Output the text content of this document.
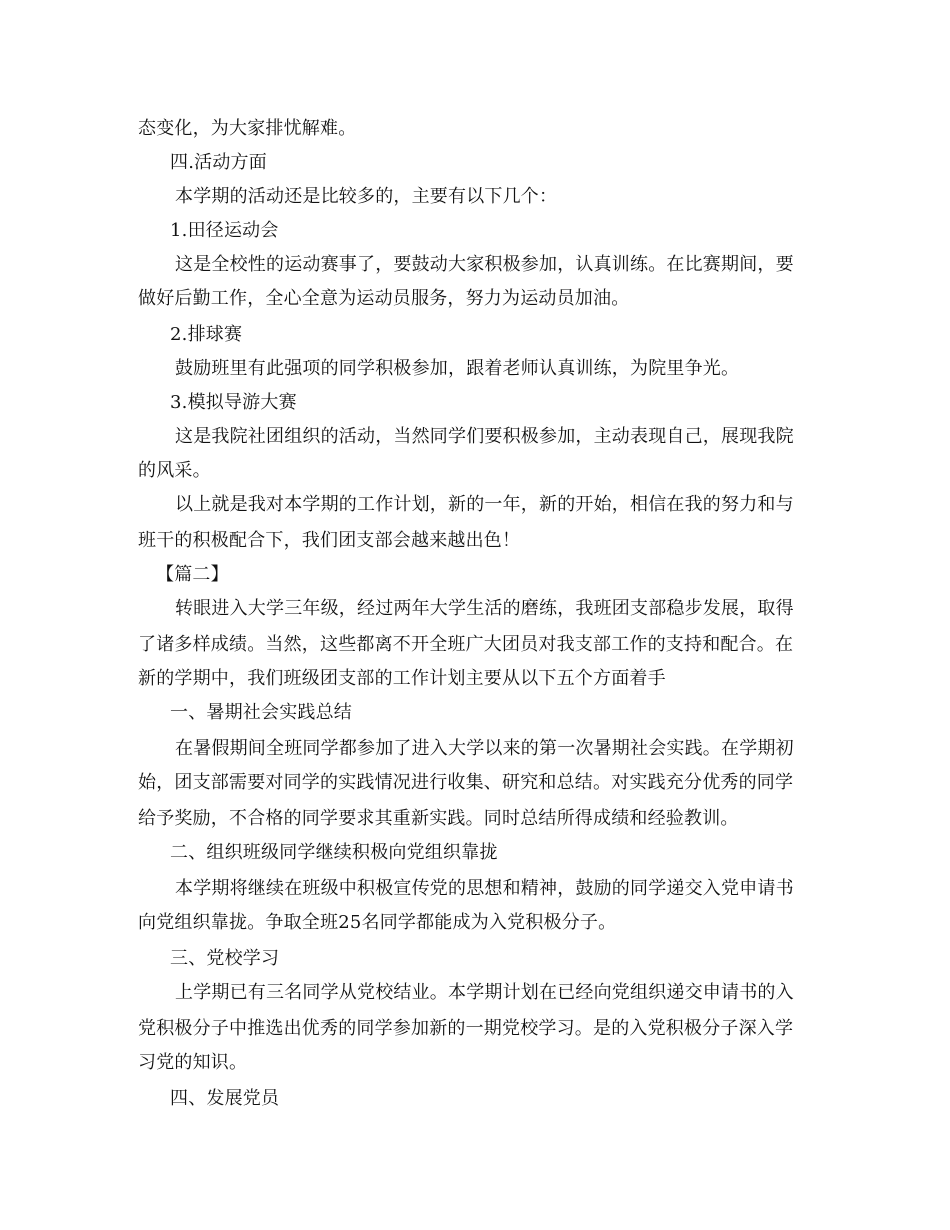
态变化，为大家排忧解难。
四.活动方面
本学期的活动还是比较多的，主要有以下几个：
1.田径运动会
这是全校性的运动赛事了，要鼓动大家积极参加，认真训练。在比赛期间，要
做好后勤工作，全心全意为运动员服务，努力为运动员加油。
2.排球赛
鼓励班里有此强项的同学积极参加，跟着老师认真训练，为院里争光。
3.模拟导游大赛
这是我院社团组织的活动，当然同学们要积极参加，主动表现自己，展现我院
的风采。
以上就是我对本学期的工作计划，新的一年，新的开始，相信在我的努力和与
班干的积极配合下，我们团支部会越来越出色！
【篇二】
转眼进入大学三年级，经过两年大学生活的磨练，我班团支部稳步发展，取得
了诸多样成绩。当然，这些都离不开全班广大团员对我支部工作的支持和配合。在
新的学期中，我们班级团支部的工作计划主要从以下五个方面着手
一、暑期社会实践总结
在暑假期间全班同学都参加了进入大学以来的第一次暑期社会实践。在学期初
始，团支部需要对同学的实践情况进行收集、研究和总结。对实践充分优秀的同学
给予奖励，不合格的同学要求其重新实践。同时总结所得成绩和经验教训。
二、组织班级同学继续积极向党组织靠拢
本学期将继续在班级中积极宣传党的思想和精神，鼓励的同学递交入党申请书
向党组织靠拢。争取全班25名同学都能成为入党积极分子。
三、党校学习
上学期已有三名同学从党校结业。本学期计划在已经向党组织递交申请书的入
党积极分子中推选出优秀的同学参加新的一期党校学习。是的入党积极分子深入学
习党的知识。
四、发展党员
